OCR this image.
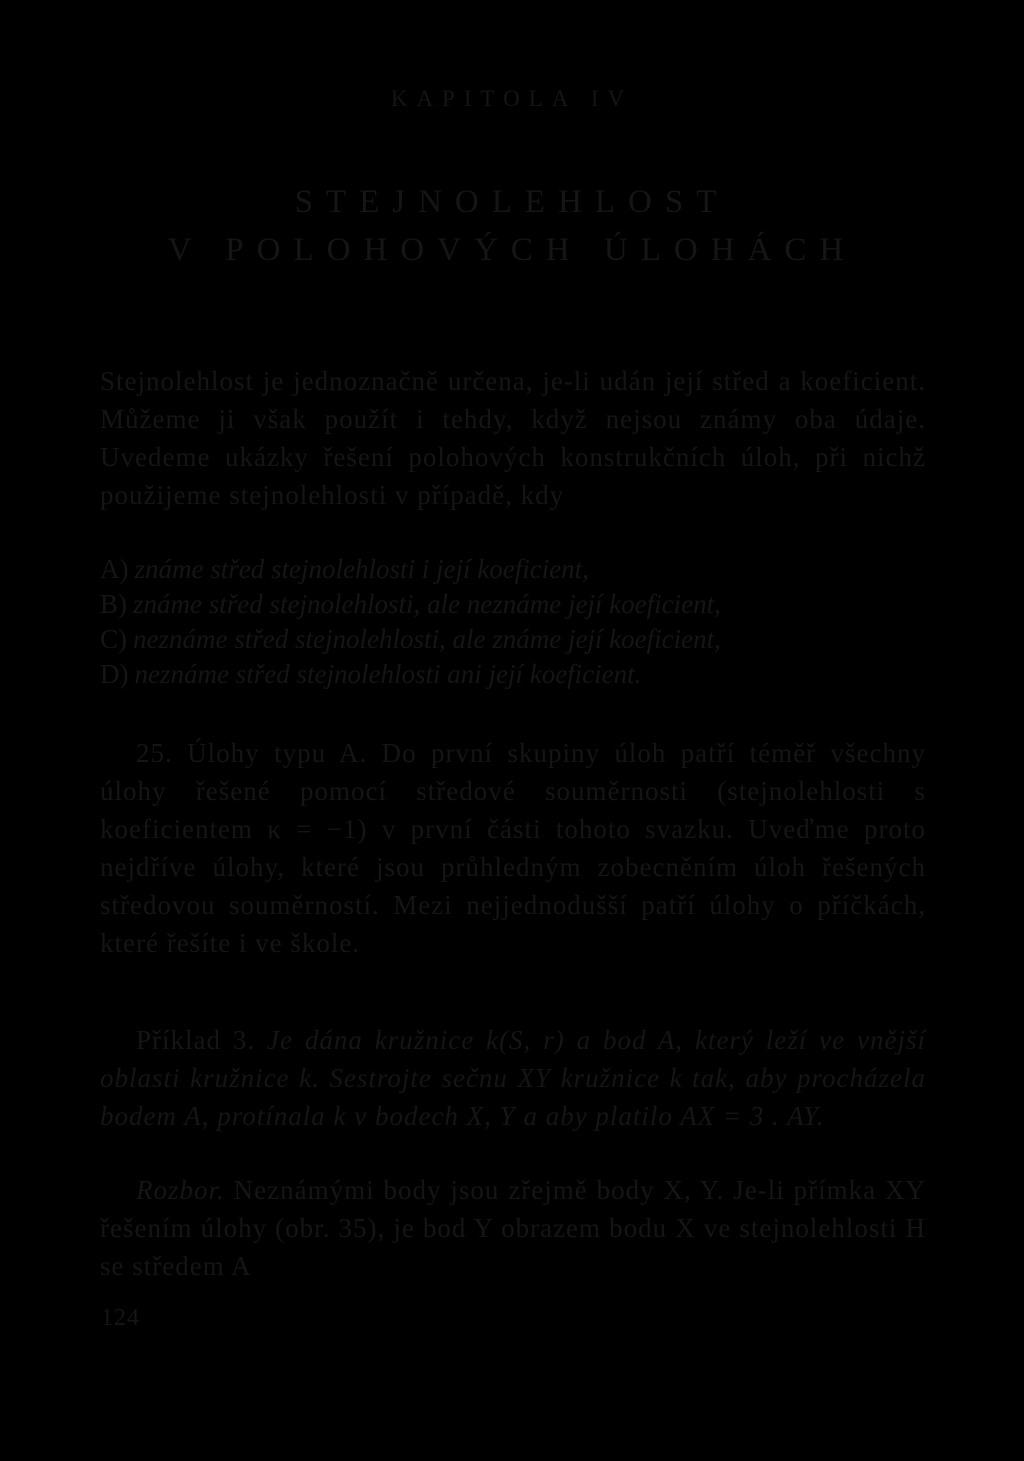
KAPITOLA IV
STEJNOLEHLOST
V POLOHOVÝCH ÚLOHÁCH

Stejnolehlost je jednoznačně určena, je-li udán její střed a koeficient. Můžeme ji však použít i tehdy, když nejsou známy oba údaje. Uvedeme ukázky řešení polohových konstrukčních úloh, při nichž použijeme stejnolehlosti v případě, kdy

A) známe střed stejnolehlosti i její koeficient,
B) známe střed stejnolehlosti, ale neznáme její koeficient,
C) neznáme střed stejnolehlosti, ale známe její koeficient,
D) neznáme střed stejnolehlosti ani její koeficient.

25. Úlohy typu A. Do první skupiny úloh patří téměř všechny úlohy řešené pomocí středové souměrnosti (stejnolehlosti s koeficientem κ = −1) v první části tohoto svazku. Uveďme proto nejdříve úlohy, které jsou průhledným zobecněním úloh řešených středovou souměrností. Mezi nejjednodušší patří úlohy o příčkách, které řešíte i ve škole.

Příklad 3. Je dána kružnice k(S, r) a bod A, který leží ve vnější oblasti kružnice k. Sestrojte sečnu XY kružnice k tak, aby procházela bodem A, protínala k v bodech X, Y a aby platilo AX = 3 . AY.

Rozbor. Neznámými body jsou zřejmě body X, Y. Je-li přímka XY řešením úlohy (obr. 35), je bod Y obrazem bodu X ve stejnolehlosti H se středem A

124
